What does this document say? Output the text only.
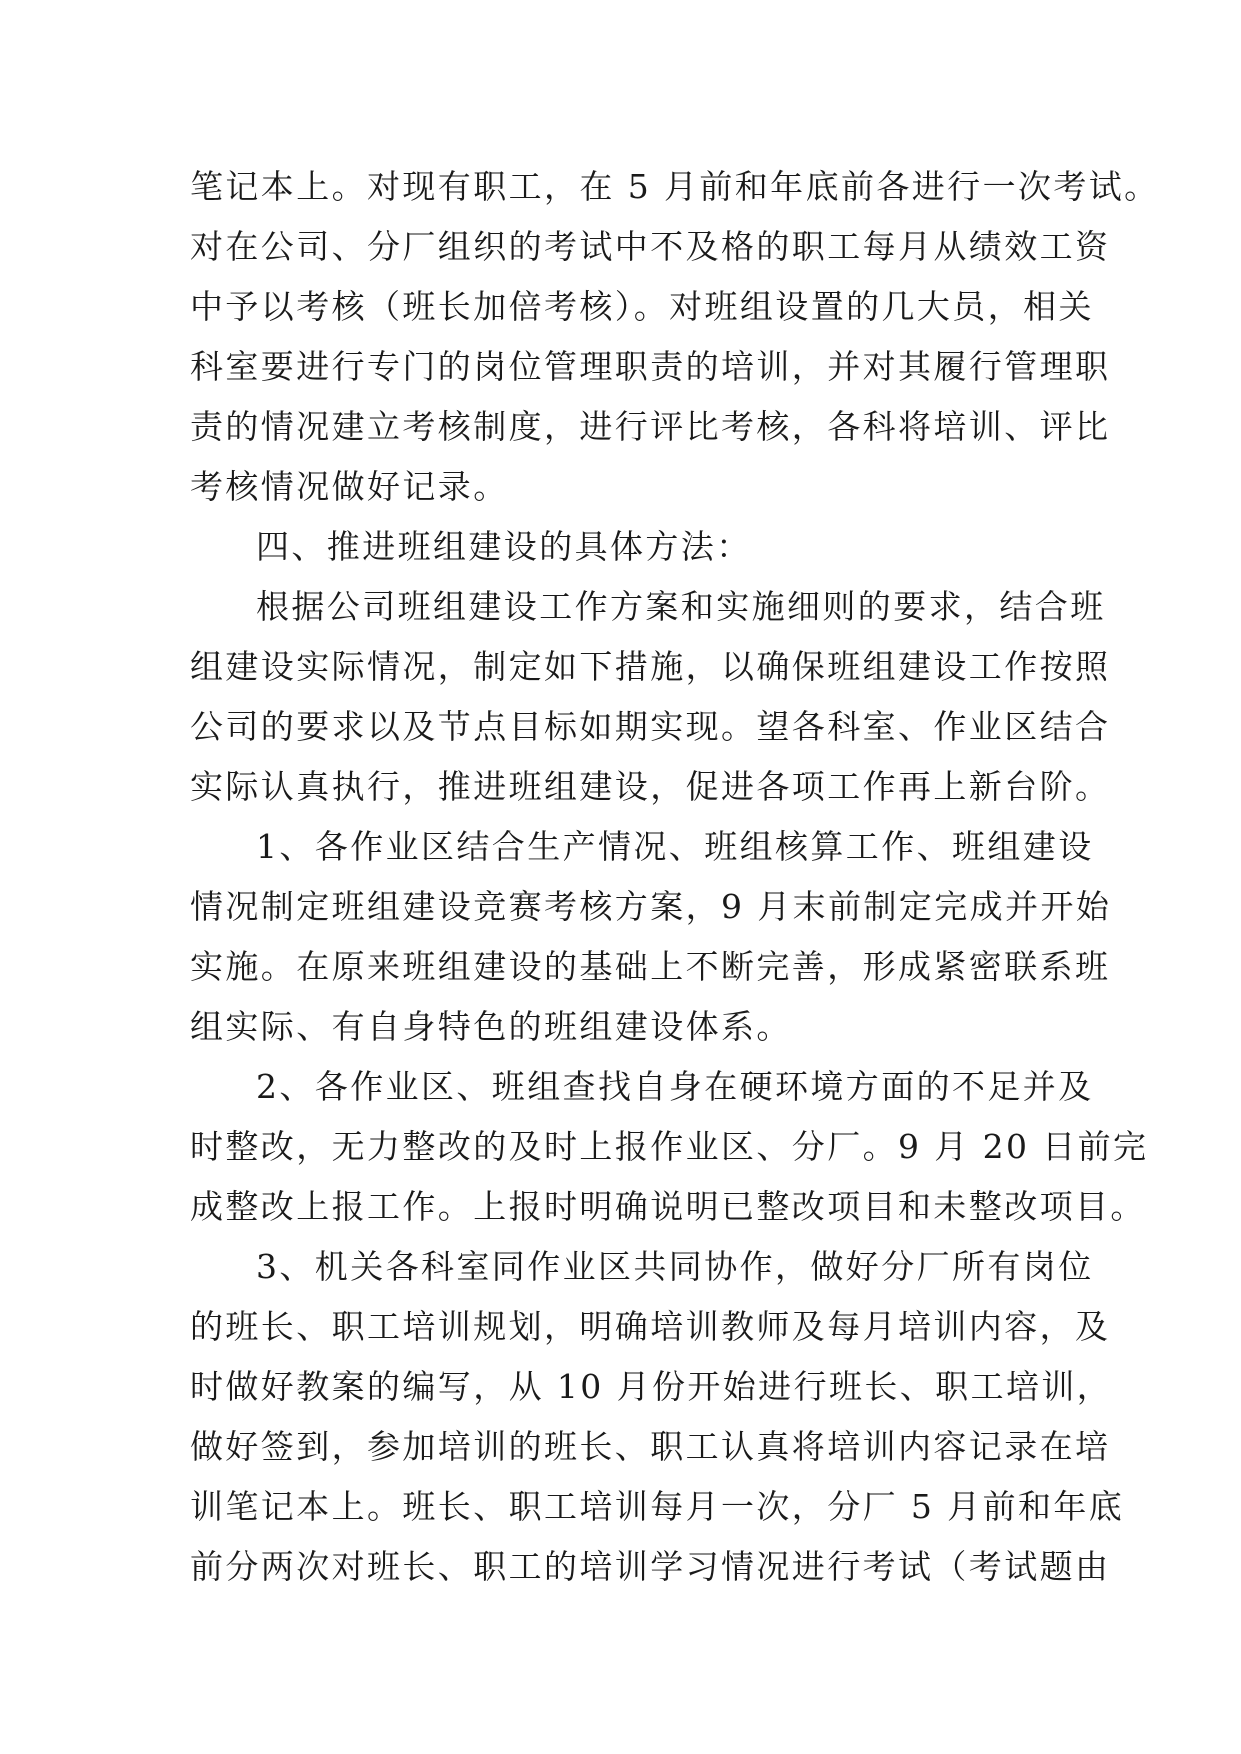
笔记本上。对现有职工，在 5 月前和年底前各进行一次考试。
对在公司、分厂组织的考试中不及格的职工每月从绩效工资
中予以考核（班长加倍考核）。对班组设置的几大员，相关
科室要进行专门的岗位管理职责的培训，并对其履行管理职
责的情况建立考核制度，进行评比考核，各科将培训、评比
考核情况做好记录。
四、推进班组建设的具体方法：
根据公司班组建设工作方案和实施细则的要求，结合班
组建设实际情况，制定如下措施，以确保班组建设工作按照
公司的要求以及节点目标如期实现。望各科室、作业区结合
实际认真执行，推进班组建设，促进各项工作再上新台阶。
1、各作业区结合生产情况、班组核算工作、班组建设
情况制定班组建设竞赛考核方案，9 月末前制定完成并开始
实施。在原来班组建设的基础上不断完善，形成紧密联系班
组实际、有自身特色的班组建设体系。
2、各作业区、班组查找自身在硬环境方面的不足并及
时整改，无力整改的及时上报作业区、分厂。9 月 20 日前完
成整改上报工作。上报时明确说明已整改项目和未整改项目。
3、机关各科室同作业区共同协作，做好分厂所有岗位
的班长、职工培训规划，明确培训教师及每月培训内容，及
时做好教案的编写，从 10 月份开始进行班长、职工培训，
做好签到，参加培训的班长、职工认真将培训内容记录在培
训笔记本上。班长、职工培训每月一次，分厂 5 月前和年底
前分两次对班长、职工的培训学习情况进行考试（考试题由
